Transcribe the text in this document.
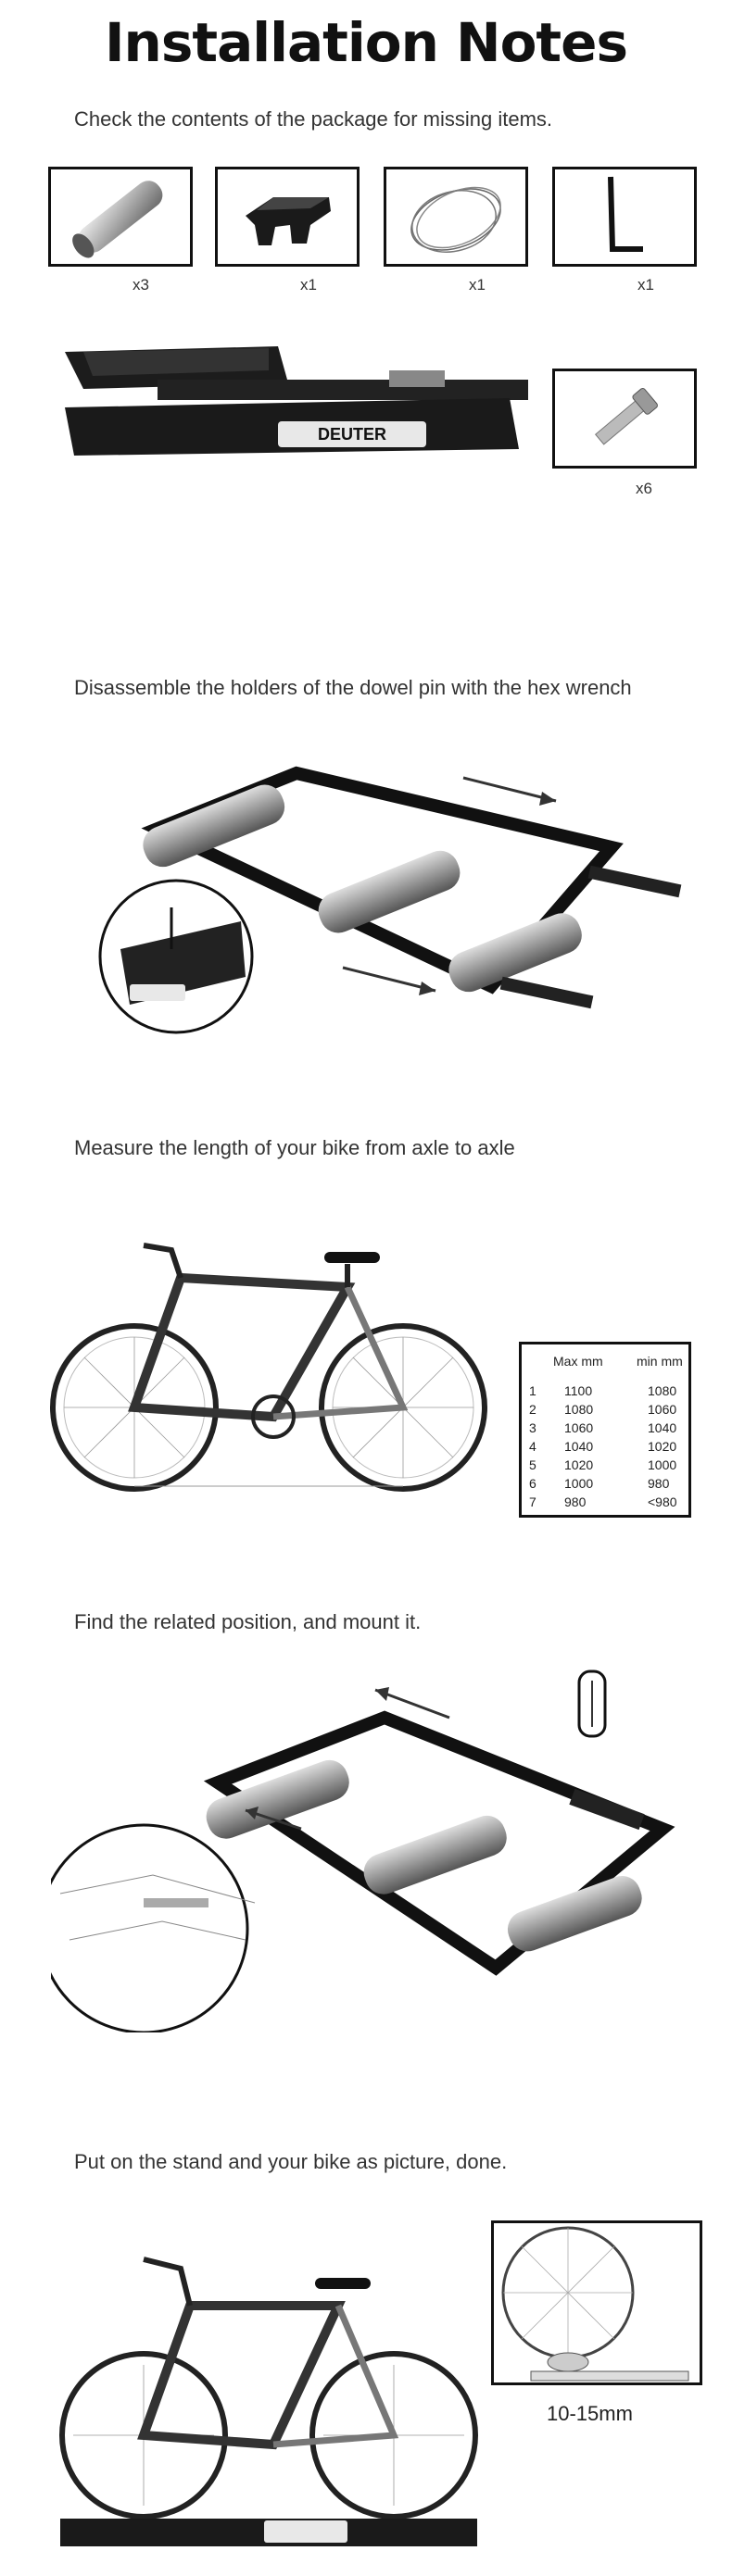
Installation Notes
Check the contents of the package for missing items.
x3	x1	x1	x1
DEUTER
x6
Disassemble the holders of the dowel pin with the hex wrench
Measure the length of your bike from axle to axle
Max mm	min mm
1 1100	1080
2 1080	1060
3 1060	1040
4 1040	1020
5 1020	1000
6 1000	980
7 980	<980
Find the related position, and mount it.
Put on the stand and your bike as picture, done.
10-15mm
